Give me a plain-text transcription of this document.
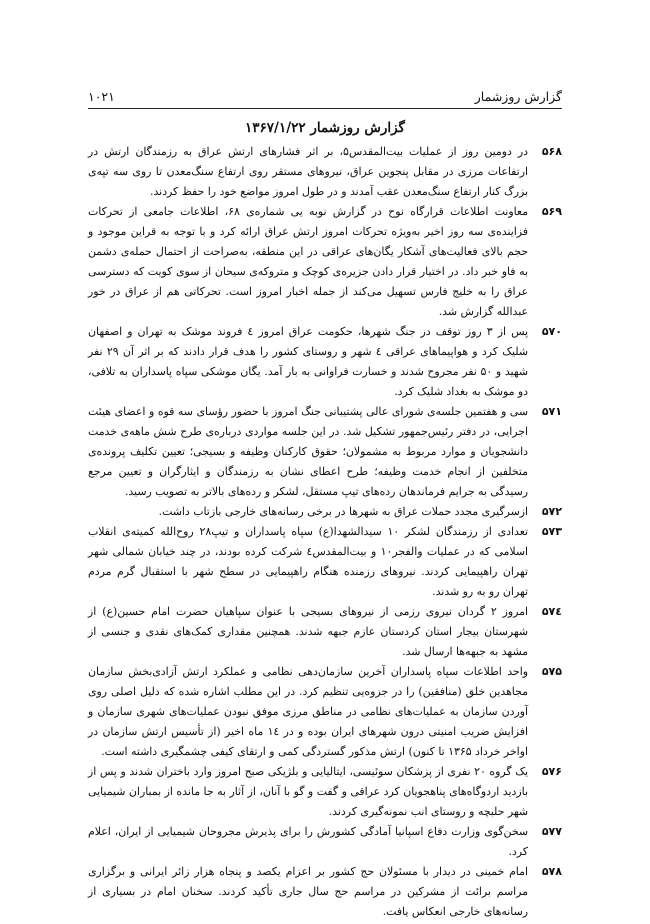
گزارش روزشمار
۱۰۲۱
گزارش روزشمار ۱۳۶۷/۱/۲۲
۵۶۸
در دومین روز از عملیات بیت‌المقدس۵، بر اثر فشارهای ارتش عراق به رزمندگان ارتش در ارتفاعات مرزی در مقابل پنجوین عراق، نیروهای مستقر روی ارتفاع سنگ‌معدن تا روی سه تپه‌ی بزرگ کنار ارتفاع سنگ‌معدن عقب آمدند و در طول امروز مواضع خود را حفظ کردند.
۵۶۹
معاونت اطلاعات قرارگاه نوح در گزارش نوبه یی شماره‌ی ۶۸، اطلاعات جامعی از تحرکات فزاینده‌ی سه روز اخیر به‌ویژه تحرکات امروز ارتش عراق ارائه کرد و با توجه به قراین موجود و حجم بالای فعالیت‌های آشکار یگان‌های عراقی در این منطقه، به‌صراحت از احتمال حمله‌ی دشمن به فاو خبر داد. در اختیار قرار دادن جزیره‌ی کوچک و متروکه‌ی سیحان از سوی کویت که دسترسی عراق را به خلیج فارس تسهیل می‌کند از جمله اخبار امروز است. تحرکاتی هم از عراق در خور عبدالله گزارش شد.
۵۷۰
پس از ۳ روز توقف در جنگ شهرها، حکومت عراق امروز ٤ فروند موشک به تهران و اصفهان شلیک کرد و هواپیماهای عراقی ٤ شهر و روستای کشور را هدف قرار دادند که بر اثر آن ۲۹ نفر شهید و ۵۰ نفر مجروح شدند و خسارت فراوانی به بار آمد. یگان موشکی سپاه پاسداران به تلافی، دو موشک به بغداد شلیک کرد.
۵۷۱
سی و هفتمین جلسه‌ی شورای عالی پشتیبانی جنگ امروز با حضور رؤسای سه قوه و اعضای هیئت اجرایی، در دفتر رئیس‌جمهور تشکیل شد. در این جلسه مواردی درباره‌ی طرح شش ماهه‌ی خدمت دانشجویان و موارد مربوط به مشمولان؛ حقوق کارکنان وظیفه و بسیجی؛ تعیین تکلیف پرونده‌ی متخلفین از انجام خدمت وظیفه؛ طرح اعطای نشان به رزمندگان و ایثارگران و تعیین مرجع رسیدگی به جرایم فرماندهان رده‌های تیپ مستقل، لشکر و رده‌های بالاتر به تصویب رسید.
۵۷۲
ازسرگیری مجدد حملات عراق به شهرها در برخی رسانه‌های خارجی بازتاب داشت.
۵۷۳
تعدادی از رزمندگان لشکر ۱۰ سیدالشهدا(ع) سپاه پاسداران و تیپ۲۸ روح‌الله کمیته‌ی انقلاب اسلامی که در عملیات والفجر۱۰ و بیت‌المقدس٤ شرکت کرده بودند، در چند خیابان شمالی شهر تهران راهپیمایی کردند. نیروهای رزمنده هنگام راهپیمایی در سطح شهر با استقبال گرم مردم تهران رو به رو شدند.
۵۷٤
امروز ۲ گردان نیروی رزمی از نیروهای بسیجی با عنوان سپاهیان حضرت امام حسین(ع) از شهرستان بیجار استان کردستان عازم جبهه شدند. همچنین مقداری کمک‌های نقدی و جنسی از مشهد به جبهه‌ها ارسال شد.
۵۷۵
واحد اطلاعات سپاه پاسداران آخرین سازمان‌دهی نظامی و عملکرد ارتش آزادی‌بخش سازمان مجاهدین خلق (منافقین) را در جزوه‌یی تنظیم کرد. در این مطلب اشاره شده که دلیل اصلی روی آوردن سازمان به عملیات‌های نظامی در مناطق مرزی موفق نبودن عملیات‌های شهری سازمان و افزایش ضریب امنیتی درون شهرهای ایران بوده و در ۱٤ ماه اخیر (از تأسیس ارتش سازمان در اواخر خرداد ۱۳۶۵ تا کنون) ارتش مذکور گستردگی کمی و ارتقای کیفی چشمگیری داشته است.
۵۷۶
یک گروه ۲۰ نفری از پزشکان سوئیسی، ایتالیایی و بلژیکی صبح امروز وارد باختران شدند و پس از بازدید اردوگاه‌های پناهجویان کرد عراقی و گفت و گو با آنان، از آثار به جا مانده از بمباران شیمیایی شهر حلبچه و روستای انب نمونه‌گیری کردند.
۵۷۷
سخن‌گوی وزارت دفاع اسپانیا آمادگی کشورش را برای پذیرش مجروحان شیمیایی از ایران، اعلام کرد.
۵۷۸
امام خمینی در دیدار با مسئولان حج کشور بر اعزام یکصد و پنجاه هزار زائر ایرانی و برگزاری مراسم برائت از مشرکین در مراسم حج سال جاری تأکید کردند. سخنان امام در بسیاری از رسانه‌های خارجی انعکاس یافت.
